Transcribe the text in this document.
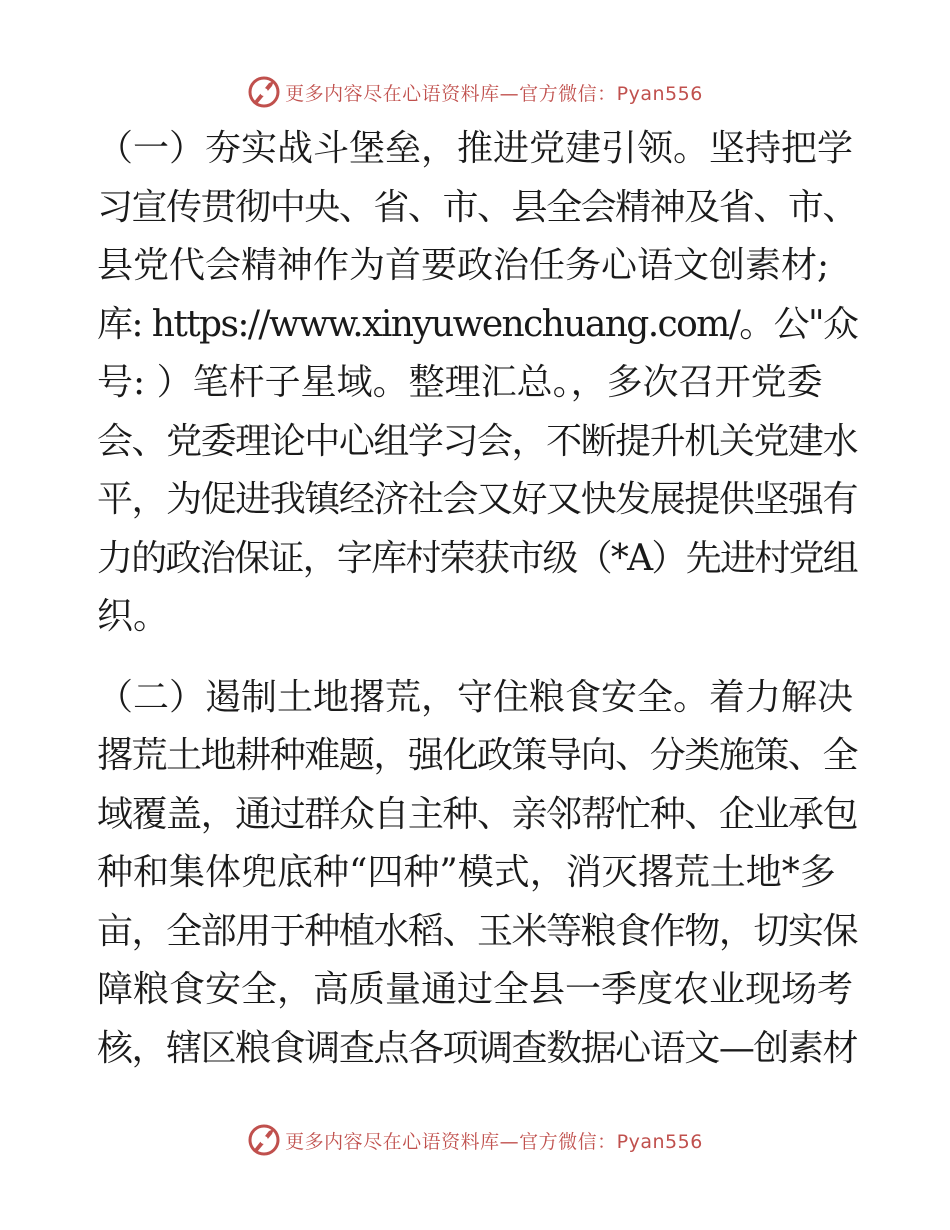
更多内容尽在心语资料库—官方微信：Pyan556

（一）夯实战斗堡垒，推进党建引领。坚持把学
习宣传贯彻中央、省、市、县全会精神及省、市、
县党代会精神作为首要政治任务心语文创素材;
库: https://www.xinyuwenchuang.com/。公"众
号: ）笔杆子星域。整理汇总。，多次召开党委
会、党委理论中心组学习会，不断提升机关党建水
平，为促进我镇经济社会又好又快发展提供坚强有
力的政治保证，字库村荣获市级（*A）先进村党组
织。

（二）遏制土地撂荒，守住粮食安全。着力解决
撂荒土地耕种难题，强化政策导向、分类施策、全
域覆盖，通过群众自主种、亲邻帮忙种、企业承包
种和集体兜底种“四种”模式，消灭撂荒土地*多
亩，全部用于种植水稻、玉米等粮食作物，切实保
障粮食安全，高质量通过全县一季度农业现场考
核，辖区粮食调查点各项调查数据心语文—创素材

更多内容尽在心语资料库—官方微信：Pyan556
